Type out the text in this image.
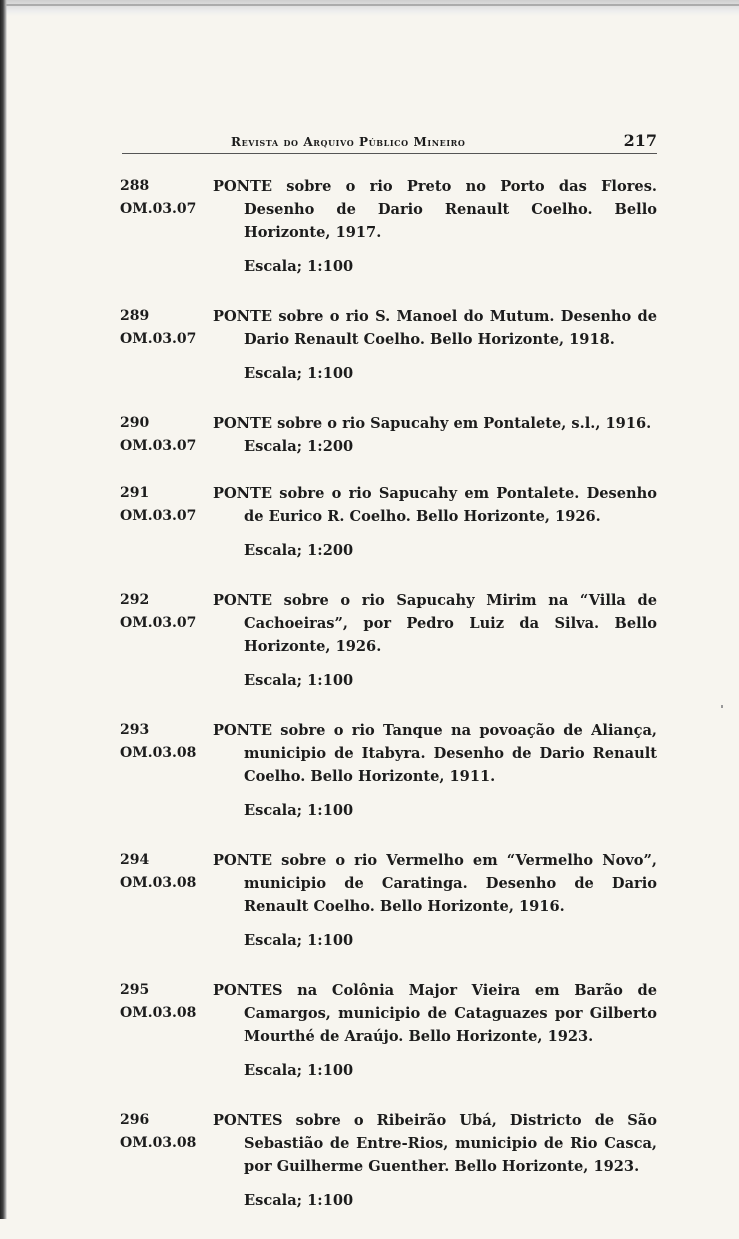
Revista do Arquivo Público Mineiro	217
288
OM.03.07
PONTE sobre o rio Preto no Porto das Flores. Desenho de Dario Renault Coelho. Bello Horizonte, 1917.
Escala; 1:100
289
OM.03.07
PONTE sobre o rio S. Manoel do Mutum. Desenho de Dario Renault Coelho. Bello Horizonte, 1918.
Escala; 1:100
290
OM.03.07
PONTE sobre o rio Sapucahy em Pontalete, s.l., 1916.
Escala; 1:200
291
OM.03.07
PONTE sobre o rio Sapucahy em Pontalete. Desenho de Eurico R. Coelho. Bello Horizonte, 1926.
Escala; 1:200
292
OM.03.07
PONTE sobre o rio Sapucahy Mirim na “Villa de Cachoeiras”, por Pedro Luiz da Silva. Bello Horizonte, 1926.
Escala; 1:100
293
OM.03.08
PONTE sobre o rio Tanque na povoação de Aliança, municipio de Itabyra. Desenho de Dario Renault Coelho. Bello Horizonte, 1911.
Escala; 1:100
294
OM.03.08
PONTE sobre o rio Vermelho em “Vermelho Novo”, municipio de Caratinga. Desenho de Dario Renault Coelho. Bello Horizonte, 1916.
Escala; 1:100
295
OM.03.08
PONTES na Colônia Major Vieira em Barão de Camargos, municipio de Cataguazes por Gilberto Mourthé de Araújo. Bello Horizonte, 1923.
Escala; 1:100
296
OM.03.08
PONTES sobre o Ribeirão Ubá, Districto de São Sebastião de Entre-Rios, municipio de Rio Casca, por Guilherme Guenther. Bello Horizonte, 1923.
Escala; 1:100
